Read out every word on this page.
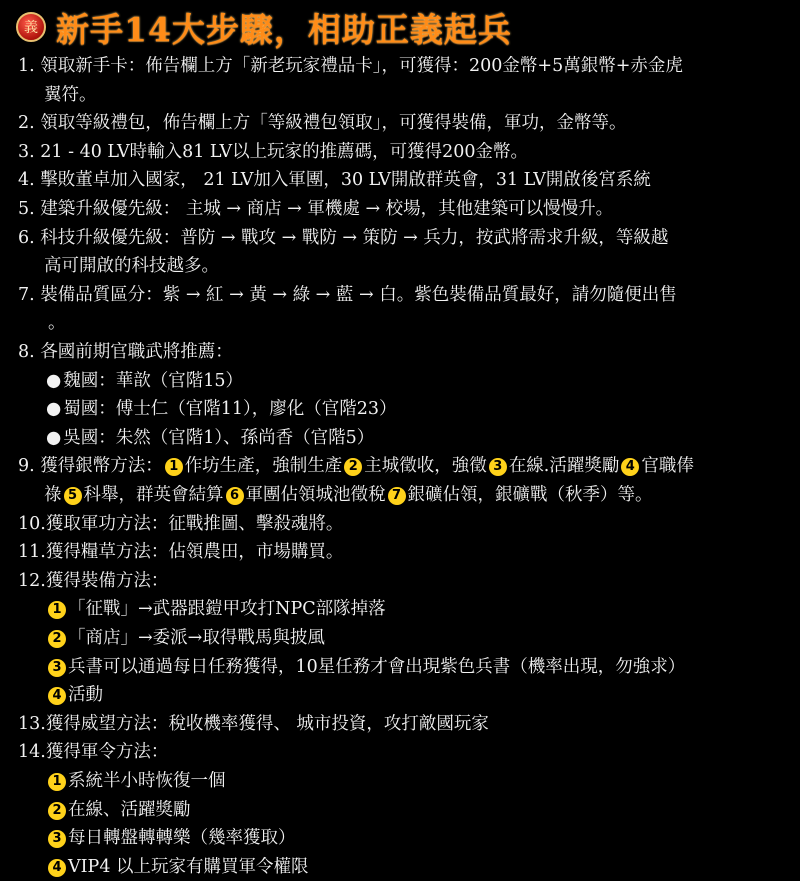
義 新手14大步驟，相助正義起兵
1. 領取新手卡：佈告欄上方「新老玩家禮品卡」，可獲得：200金幣+5萬銀幣+赤金虎
翼符。
2. 領取等級禮包，佈告欄上方「等級禮包領取」，可獲得裝備，軍功，金幣等。
3. 21 - 40 LV時輸入81 LV以上玩家的推薦碼，可獲得200金幣。
4. 擊敗董卓加入國家， 21 LV加入軍團，30 LV開啟群英會，31 LV開啟後宮系統
5. 建築升級優先級： 主城 → 商店 → 軍機處 → 校場，其他建築可以慢慢升。
6. 科技升級優先級：普防 → 戰攻 → 戰防 → 策防 → 兵力，按武將需求升級，等級越
高可開啟的科技越多。
7. 裝備品質區分：紫 → 紅 → 黃 → 綠 → 藍 → 白。紫色裝備品質最好，請勿隨便出售
。
8. 各國前期官職武將推薦：
● 魏國：華歆（官階15）
● 蜀國：傅士仁（官階11），廖化（官階23）
● 吳國：朱然（官階1）、孫尚香（官階5）
9. 獲得銀幣方法： 1 作坊生產，強制生產 2 主城徵收，強徵 3 在線.活躍獎勵 4 官職俸
祿 5 科舉，群英會結算 6 軍團佔領城池徵稅 7 銀礦佔領，銀礦戰（秋季）等。
10.獲取軍功方法：征戰推圖、擊殺魂將。
11.獲得糧草方法：佔領農田，市場購買。
12.獲得裝備方法：
1 「征戰」→武器跟鎧甲攻打NPC部隊掉落
2 「商店」→委派→取得戰馬與披風
3 兵書可以通過每日任務獲得，10星任務才會出現紫色兵書（機率出現，勿強求）
4 活動
13.獲得威望方法：稅收機率獲得、 城市投資，攻打敵國玩家
14.獲得軍令方法：
1 系統半小時恢復一個
2 在線、活躍獎勵
3 每日轉盤轉轉樂（幾率獲取）
4 VIP4 以上玩家有購買軍令權限
